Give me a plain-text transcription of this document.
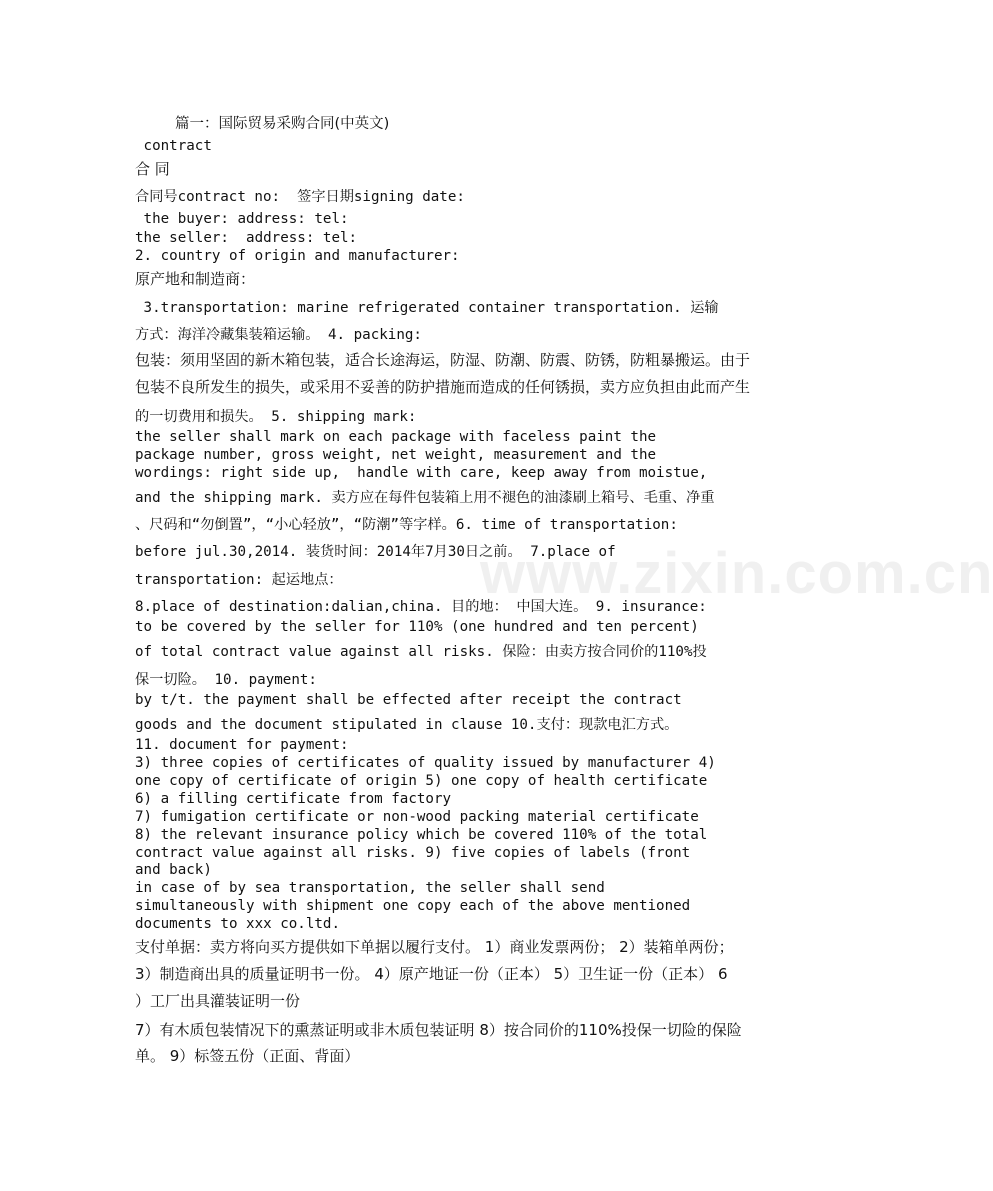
篇一：国际贸易采购合同(中英文)
contract
合 同
合同号contract no:  签字日期signing date:
the buyer: address: tel:
the seller:  address: tel:
2. country of origin and manufacturer:
原产地和制造商：
3.transportation: marine refrigerated container transportation. 运输
方式：海洋冷藏集装箱运输。 4. packing:
包装：须用坚固的新木箱包装，适合长途海运，防湿、防潮、防震、防锈，防粗暴搬运。由于
包装不良所发生的损失，或采用不妥善的防护措施而造成的任何锈损，卖方应负担由此而产生
的一切费用和损失。 5. shipping mark:
the seller shall mark on each package with faceless paint the
package number, gross weight, net weight, measurement and the
wordings: right side up,  handle with care, keep away from moistue,
and the shipping mark. 卖方应在每件包装箱上用不褪色的油漆刷上箱号、毛重、净重
、尺码和“勿倒置”，“小心轻放”，“防潮”等字样。6. time of transportation:
before jul.30,2014. 装货时间：2014年7月30日之前。 7.place of
transportation: 起运地点：
8.place of destination:dalian,china. 目的地： 中国大连。 9. insurance:
to be covered by the seller for 110% (one hundred and ten percent)
of total contract value against all risks. 保险：由卖方按合同价的110%投
保一切险。 10. payment:
by t/t. the payment shall be effected after receipt the contract
goods and the document stipulated in clause 10.支付：现款电汇方式。
11. document for payment:
3) three copies of certificates of quality issued by manufacturer 4)
one copy of certificate of origin 5) one copy of health certificate
6) a filling certificate from factory
7) fumigation certificate or non-wood packing material certificate
8) the relevant insurance policy which be covered 110% of the total
contract value against all risks. 9) five copies of labels (front
and back)
in case of by sea transportation, the seller shall send
simultaneously with shipment one copy each of the above mentioned
documents to xxx co.ltd.
支付单据：卖方将向买方提供如下单据以履行支付。 1）商业发票两份； 2）装箱单两份；
3）制造商出具的质量证明书一份。 4）原产地证一份（正本） 5）卫生证一份（正本） 6
）工厂出具灌装证明一份
7）有木质包装情况下的熏蒸证明或非木质包装证明 8）按合同价的110%投保一切险的保险
单。 9）标签五份（正面、背面）
www.zixin.com.cn
